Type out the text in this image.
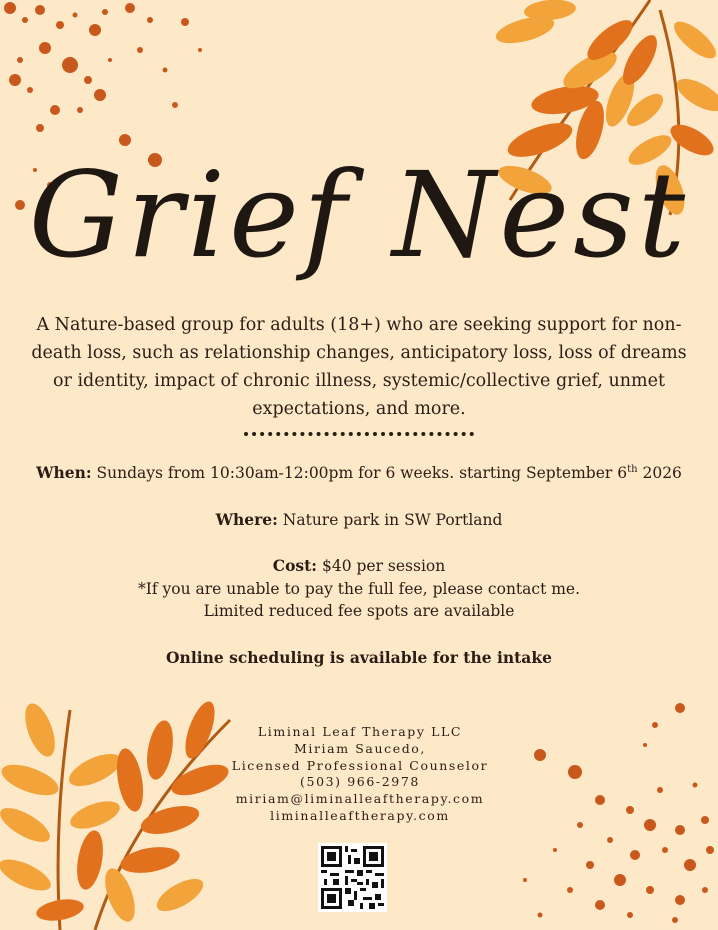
Grief Nest
A Nature-based group for adults (18+) who are seeking support for non-death loss, such as relationship changes, anticipatory loss, loss of dreams or identity, impact of chronic illness, systemic/collective grief, unmet expectations, and more.
When: Sundays from 10:30am-12:00pm for 6 weeks. starting September 6th 2026
Where: Nature park in SW Portland
Cost: $40 per session
*If you are unable to pay the full fee, please contact me.
Limited reduced fee spots are available
Online scheduling is available for the intake
Liminal Leaf Therapy LLC
Miriam Saucedo,
Licensed Professional Counselor
(503) 966-2978
miriam@liminalleaftherapy.com
liminalleaftherapy.com
